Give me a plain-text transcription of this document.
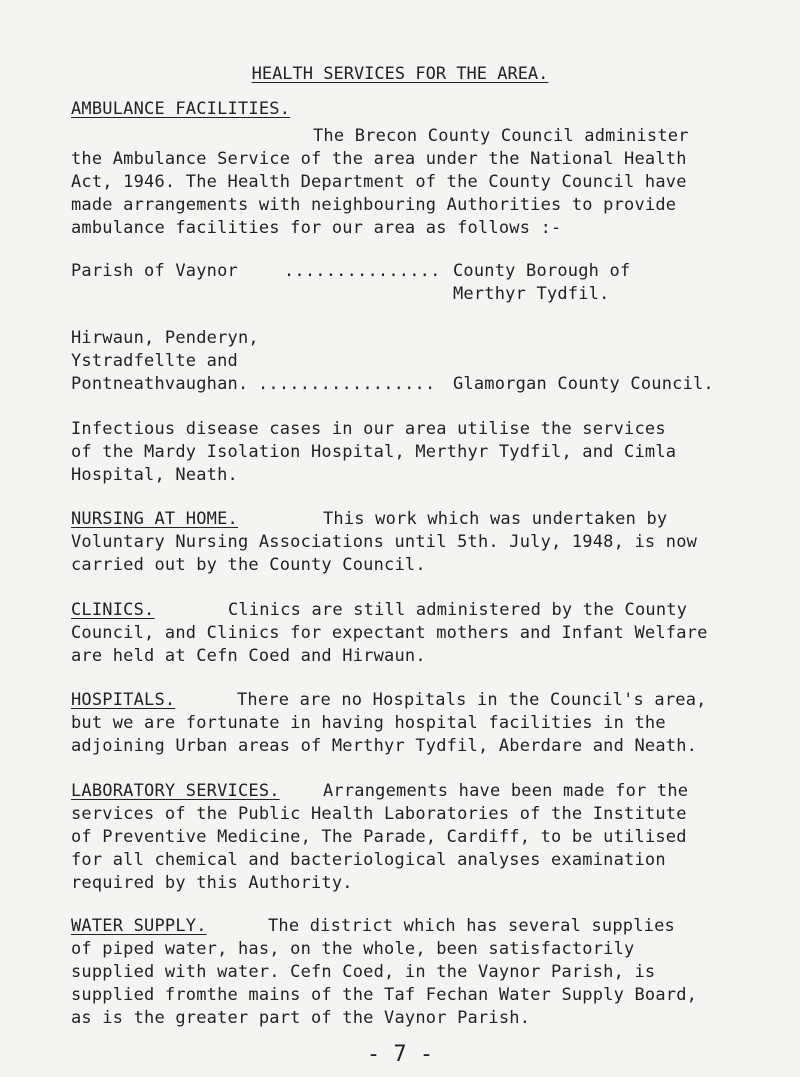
HEALTH SERVICES FOR THE AREA.
AMBULANCE FACILITIES.
The Brecon County Council administer
the Ambulance Service of the area under the National Health
Act, 1946. The Health Department of the County Council have
made arrangements with neighbouring Authorities to provide
ambulance facilities for our area as follows :-
Parish of Vaynor	............... County Borough of
Merthyr Tydfil.
Hirwaun, Penderyn,
Ystradfellte and
Pontneathvaughan. ................. Glamorgan County Council.
Infectious disease cases in our area utilise the services
of the Mardy Isolation Hospital, Merthyr Tydfil, and Cimla
Hospital, Neath.
NURSING AT HOME.	This work which was undertaken by
Voluntary Nursing Associations until 5th. July, 1948, is now
carried out by the County Council.
CLINICS.	Clinics are still administered by the County
Council, and Clinics for expectant mothers and Infant Welfare
are held at Cefn Coed and Hirwaun.
HOSPITALS.	There are no Hospitals in the Council's area,
but we are fortunate in having hospital facilities in the
adjoining Urban areas of Merthyr Tydfil, Aberdare and Neath.
LABORATORY SERVICES.	Arrangements have been made for the
services of the Public Health Laboratories of the Institute
of Preventive Medicine, The Parade, Cardiff, to be utilised
for all chemical and bacteriological analyses examination
required by this Authority.
WATER SUPPLY.	The district which has several supplies
of piped water, has, on the whole, been satisfactorily
supplied with water. Cefn Coed, in the Vaynor Parish, is
supplied fromthe mains of the Taf Fechan Water Supply Board,
as is the greater part of the Vaynor Parish.
- 7 -
